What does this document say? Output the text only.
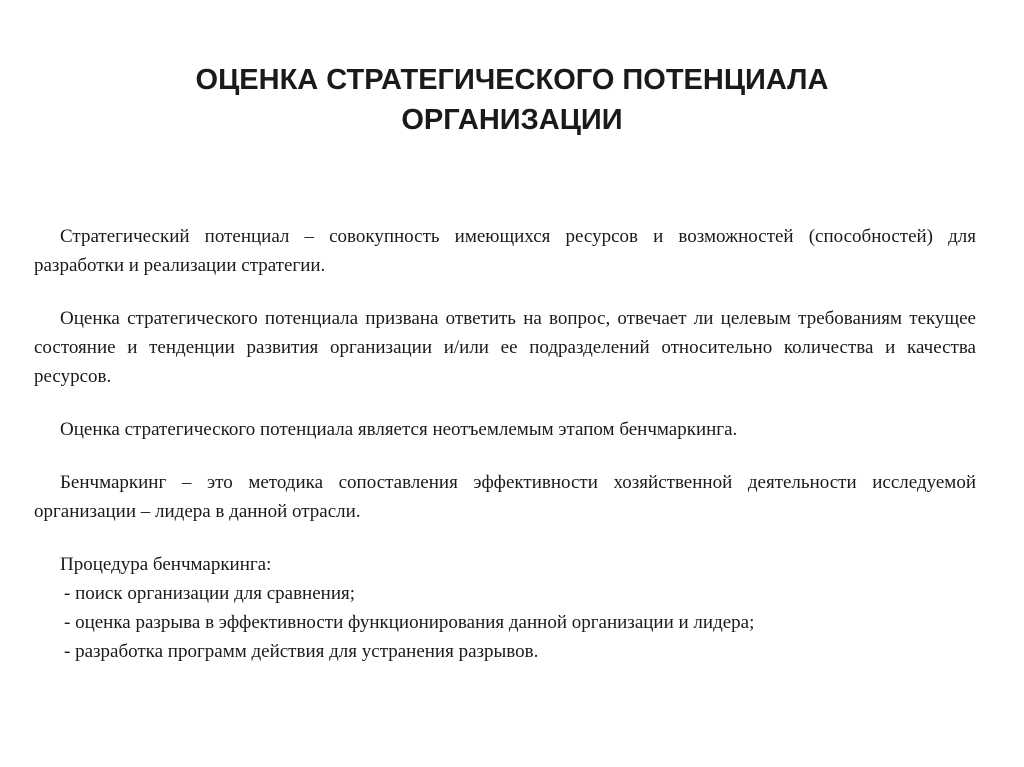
ОЦЕНКА СТРАТЕГИЧЕСКОГО ПОТЕНЦИАЛА
ОРГАНИЗАЦИИ

Стратегический потенциал – совокупность имеющихся ресурсов и возможностей (способностей) для разработки и реализации стратегии.

Оценка стратегического потенциала призвана ответить на вопрос, отвечает ли целевым требованиям текущее состояние и тенденции развития организации и/или ее подразделений относительно количества и качества ресурсов.

Оценка стратегического потенциала является неотъемлемым этапом бенчмаркинга.

Бенчмаркинг – это методика сопоставления эффективности хозяйственной деятельности исследуемой организации – лидера в данной отрасли.

Процедура бенчмаркинга:

- поиск организации для сравнения;
- оценка разрыва в эффективности функционирования данной организации и лидера;
- разработка программ действия для устранения разрывов.
